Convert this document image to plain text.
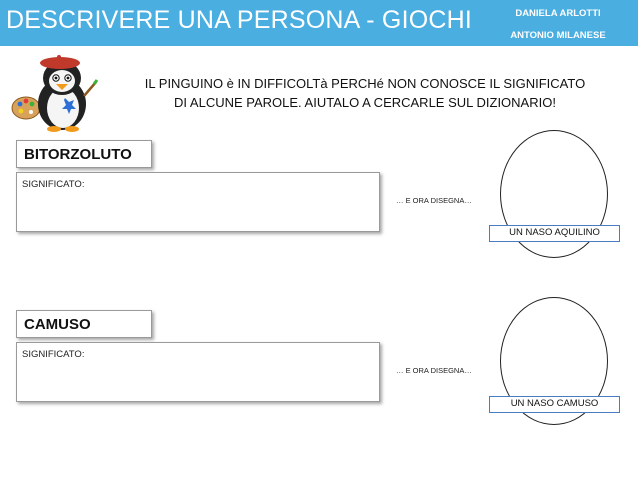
DESCRIVERE UNA PERSONA - GIOCHI	DANIELA ARLOTTI
ANTONIO MILANESE
IL PINGUINO è IN DIFFICOLTà PERCHé NON CONOSCE IL SIGNIFICATO
DI ALCUNE PAROLE. AIUTALO A CERCARLE SUL DIZIONARIO!
BITORZOLUTO
SIGNIFICATO:
… E ORA DISEGNA…
UN NASO AQUILINO
CAMUSO
SIGNIFICATO:
… E ORA DISEGNA…
UN NASO CAMUSO
